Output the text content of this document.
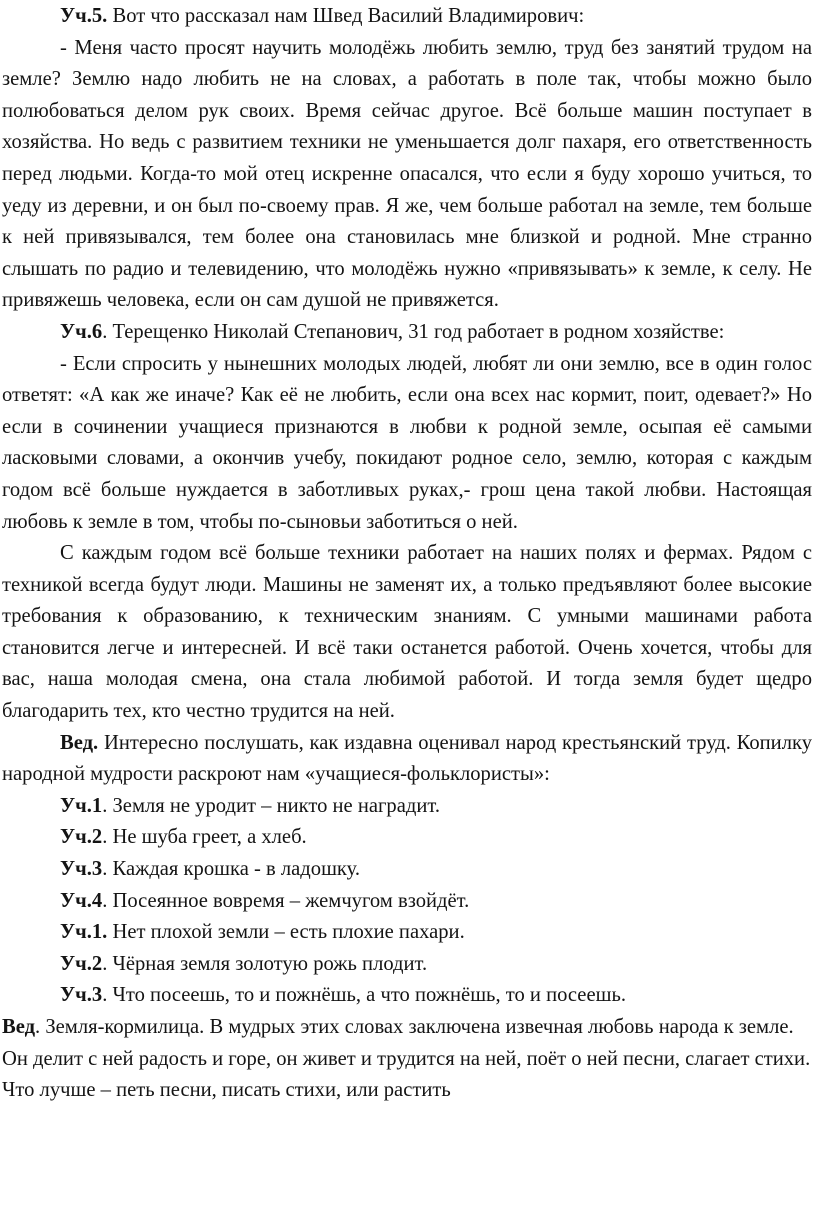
Уч.5. Вот что рассказал нам Швед Василий Владимирович:

- Меня часто просят научить молодёжь любить землю, труд без занятий трудом на земле? Землю надо любить не на словах, а работать в поле так, чтобы можно было полюбоваться делом рук своих. Время сейчас другое. Всё больше машин поступает в хозяйства. Но ведь с развитием техники не уменьшается долг пахаря, его ответственность перед людьми. Когда-то мой отец искренне опасался, что если я буду хорошо учиться, то уеду из деревни, и он был по-своему прав. Я же, чем больше работал на земле, тем больше к ней привязывался, тем более она становилась мне близкой и родной. Мне странно слышать по радио и телевидению, что молодёжь нужно «привязывать» к земле, к селу. Не привяжешь человека, если он сам душой не привяжется.

Уч.6. Терещенко Николай Степанович, 31 год работает в родном хозяйстве:

- Если спросить у нынешних молодых людей, любят ли они землю, все в один голос ответят: «А как же иначе? Как её не любить, если она всех нас кормит, поит, одевает?» Но если в сочинении учащиеся признаются в любви к родной земле, осыпая её самыми ласковыми словами, а окончив учебу, покидают родное село, землю, которая с каждым годом всё больше нуждается в заботливых руках,- грош цена такой любви. Настоящая любовь к земле в том, чтобы по-сыновьи заботиться о ней.

С каждым годом всё больше техники работает на наших полях и фермах. Рядом с техникой всегда будут люди. Машины не заменят их, а только предъявляют более высокие требования к образованию, к техническим знаниям. С умными машинами работа становится легче и интересней. И всё таки останется работой. Очень хочется, чтобы для вас, наша молодая смена, она стала любимой работой. И тогда земля будет щедро благодарить тех, кто честно трудится на ней.

Вед. Интересно послушать, как издавна оценивал народ крестьянский труд. Копилку народной мудрости раскроют нам «учащиеся-фольклористы»:

Уч.1. Земля не уродит – никто не наградит.

Уч.2. Не шуба греет, а хлеб.

Уч.3. Каждая крошка - в ладошку.

Уч.4. Посеянное вовремя – жемчугом взойдёт.

Уч.1. Нет плохой земли – есть плохие пахари.

Уч.2. Чёрная земля золотую рожь плодит.

Уч.3. Что посеешь, то и пожнёшь, а что пожнёшь, то и посеешь.

Вед. Земля-кормилица. В мудрых этих словах заключена извечная любовь народа к земле. Он делит с ней радость и горе, он живет и трудится на ней, поёт о ней песни, слагает стихи. Что лучше – петь песни, писать стихи, или растить
